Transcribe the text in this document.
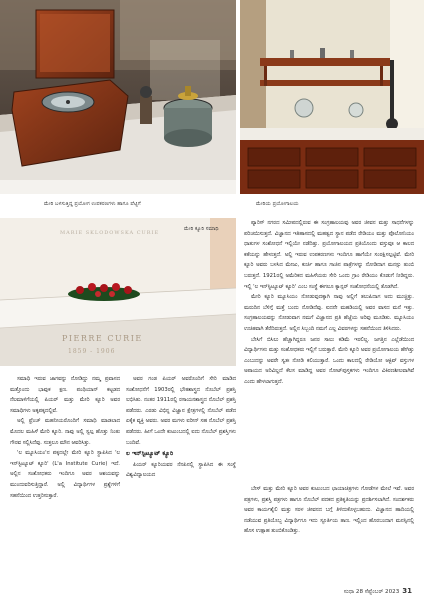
ಮೇರಿ ಬಳಸುತ್ತಿದ್ದ ಪ್ರಯೋಗ ಉಪಕರಣಗಳು ಹಾಗೂ ಪೆಟ್ಟಿಗೆ	ಮೇರಿಯ ಪ್ರಯೋಗಾಲಯ
MARIE SKLODOWSKA CURIE
PIERRE CURIE
1859 - 1906
ಮೇರಿ ಕ್ಯೂರಿ ಸಮಾಧಿ

ಪ್ಯಾರಿಸ್ ನಗರದ ಸಮೀಪದಲ್ಲಿರುವ ಈ ಸಂಗ್ರಹಾಲಯವು ಅವರ ಜೀವನ ಮತ್ತು ಸಾಧನೆಗಳನ್ನು ಪರಿಚಯಿಸುತ್ತದೆ. ವಿಜ್ಞಾನದ ಇತಿಹಾಸದಲ್ಲಿ ಮಹತ್ವದ ಸ್ಥಾನ ಪಡೆದ ರೇಡಿಯಂ ಮತ್ತು ಪೊಲೋನಿಯಂ ಧಾತುಗಳ ಸಂಶೋಧನೆ ಇಲ್ಲಿಯೇ ನಡೆದಿತ್ತು. ಪ್ರಯೋಗಾಲಯದ ಪ್ರತಿಯೊಂದು ವಸ್ತುವೂ ಆ ಕಾಲದ ಕತೆಯನ್ನು ಹೇಳುತ್ತದೆ. ಅಲ್ಲಿ ಇರುವ ಉಪಕರಣಗಳು ಇಂದಿಗೂ ಹಾಗೆಯೇ ಸಂರಕ್ಷಿಸಲ್ಪಟ್ಟಿವೆ. ಮೇರಿ ಕ್ಯೂರಿ ಅವರು ಬಳಸಿದ ಮೇಜು, ಕುರ್ಚಿ ಹಾಗೂ ಗಾಜಿನ ಪಾತ್ರೆಗಳನ್ನು ನೋಡಿದಾಗ ಮನಸ್ಸು ತುಂಬಿ ಬರುತ್ತದೆ. 1921ರಲ್ಲಿ ಅಮೆರಿಕದ ಮಹಿಳೆಯರು ಸೇರಿ ಒಂದು ಗ್ರಾಂ ರೇಡಿಯಂ ಕೊಡುಗೆ ನೀಡಿದ್ದರು. ಇಲ್ಲಿ 'ಲ ಇನ್‌ಸ್ಟಿಟ್ಯೂಟ್ ಕ್ಯೂರಿ' ಎಂಬ ಸಂಸ್ಥೆ ಈಗಲೂ ಕ್ಯಾನ್ಸರ್ ಸಂಶೋಧನೆಯಲ್ಲಿ ತೊಡಗಿದೆ.

ಮೇರಿ ಕ್ಯೂರಿ ಮ್ಯೂಸಿಯಂ ನೋಡುವುದಕ್ಕಾಗಿ ನಾವು ಅಲ್ಲಿಗೆ ತಲುಪಿದಾಗ ಅದು ಮುಚ್ಚಿತ್ತು. ಮರುದಿನ ಬೆಳಿಗ್ಗೆ ಮತ್ತೆ ಬಂದು ನೋಡಿದೆವು. ಐದನೇ ಮಹಡಿಯಲ್ಲಿ ಅವರ ವಾಸದ ಮನೆ ಇತ್ತು. ಸಂಗ್ರಹಾಲಯವನ್ನು ನೋಡುವಾಗ ನಮಗೆ ವಿಜ್ಞಾನದ ಪ್ರತಿ ಹೆಜ್ಜೆಯ ಅರಿವು ಮೂಡಿತು. ಮ್ಯೂಸಿಯಂ ಉಚಿತವಾಗಿ ತೆರೆದಿರುತ್ತದೆ. ಅಲ್ಲಿನ ಸಿಬ್ಬಂದಿ ನಮಗೆ ಎಲ್ಲ ವಿವರಗಳನ್ನು ಸಹನೆಯಿಂದ ತಿಳಿಸಿದರು.

ಬೇಸಿಗೆ ಬಿಸಿಲು ಹೆಚ್ಚಾಗಿದ್ದರೂ ಜನರ ಸಾಲು ಕಡಿಮೆ ಇರಲಿಲ್ಲ. ಜಗತ್ತಿನ ಎಲ್ಲೆಡೆಯಿಂದ ವಿದ್ಯಾರ್ಥಿಗಳು ಮತ್ತು ಸಂಶೋಧಕರು ಇಲ್ಲಿಗೆ ಬರುತ್ತಾರೆ. ಮೇರಿ ಕ್ಯೂರಿ ಅವರ ಪ್ರಯೋಗಾಲಯ ಹೇಗಿತ್ತು ಎಂಬುದನ್ನು ಅವರೇ ಸ್ವತಃ ನೋಡಿ ಕಲಿಯುತ್ತಾರೆ. ಒಂದು ಕಾಲದಲ್ಲಿ ರೇಡಿಯೋ ಆಕ್ಟಿವ್ ವಸ್ತುಗಳ ಅಪಾಯದ ಅರಿವಿಲ್ಲದೆ ಕೆಲಸ ಮಾಡಿದ್ದ ಅವರ ನೋಟ್‌ಪುಸ್ತಕಗಳು ಇಂದಿಗೂ ವಿಕಿರಣಶೀಲವಾಗಿವೆ ಎಂದು ಹೇಳಲಾಗುತ್ತದೆ.

ಸಮಾಧಿ ಇರುವ ಜಾಗವನ್ನು ನೋಡಿದ್ದು ನಮ್ಮ ಪ್ರವಾಸದ ಮತ್ತೊಂದು ಭಾವುಕ ಕ್ಷಣ. ಪಂಥಿಯಾನ್ ಕಟ್ಟಡದ ನೆಲಮಾಳಿಗೆಯಲ್ಲಿ ಪಿಯರ್ ಮತ್ತು ಮೇರಿ ಕ್ಯೂರಿ ಅವರ ಸಮಾಧಿಗಳು ಅಕ್ಕಪಕ್ಕದಲ್ಲಿವೆ.

ಅಲ್ಲಿ ಫ್ರೆಂಚ್ ಮಹನೀಯರೊಂದಿಗೆ ಸಮಾಧಿ ಮಾಡಲಾದ ಮೊದಲ ಮಹಿಳೆ ಮೇರಿ ಕ್ಯೂರಿ. ನಾವು ಅಲ್ಲಿ ಸ್ವಲ್ಪ ಹೊತ್ತು ನಿಂತು ಗೌರವ ಸಲ್ಲಿಸಿದೆವು. ಸುತ್ತಲೂ ಮೌನ ಆವರಿಸಿತ್ತು.

'ಲ ಮ್ಯೂಸಿಯಂ'ನ ಪಕ್ಕದಲ್ಲೇ ಮೇರಿ ಕ್ಯೂರಿ ಸ್ಥಾಪಿಸಿದ 'ಲ ಇನ್‌ಸ್ಟಿಟ್ಯೂಟ್ ಕ್ಯೂರಿ' (L'a Institute Curie) ಇದೆ. ಅಲ್ಲಿನ ಸಂಶೋಧಕರು ಇಂದಿಗೂ ಅವರ ಆಶಯವನ್ನು ಮುಂದುವರಿಸುತ್ತಿದ್ದಾರೆ. ಅಲ್ಲಿ ವಿದ್ಯಾರ್ಥಿಗಳ ಪ್ರಶ್ನೆಗಳಿಗೆ ಸಹನೆಯಿಂದ ಉತ್ತರಿಸುತ್ತಾರೆ.

ಅವರ ಗಂಡ ಪಿಯರ್ ಅವರೊಂದಿಗೆ ಸೇರಿ ಮಾಡಿದ ಸಂಶೋಧನೆಗೆ 1903ರಲ್ಲಿ ಭೌತಶಾಸ್ತ್ರದ ನೊಬೆಲ್ ಪ್ರಶಸ್ತಿ ಲಭಿಸಿತು. ನಂತರ 1911ರಲ್ಲಿ ರಸಾಯನಶಾಸ್ತ್ರದ ನೊಬೆಲ್ ಪ್ರಶಸ್ತಿ ಪಡೆದರು. ಎರಡು ವಿಭಿನ್ನ ವಿಜ್ಞಾನ ಕ್ಷೇತ್ರಗಳಲ್ಲಿ ನೊಬೆಲ್ ಪಡೆದ ಏಕೈಕ ವ್ಯಕ್ತಿ ಅವರು. ಅವರ ಮಗಳು ಐರೀನ್ ಸಹ ನೊಬೆಲ್ ಪ್ರಶಸ್ತಿ ಪಡೆದರು. ಹೀಗೆ ಒಂದೇ ಕುಟುಂಬದಲ್ಲಿ ಐದು ನೊಬೆಲ್ ಪ್ರಶಸ್ತಿಗಳು ಬಂದಿವೆ.

ಲ ಇನ್‌ಸ್ಟಿಟ್ಯೂಟ್ ಕ್ಯೂರಿ

ಪಿಯರ್ ಕ್ಯೂರಿಯವರ ನೆನಪಿನಲ್ಲಿ ಸ್ಥಾಪಿಸಿದ ಈ ಸಂಸ್ಥೆ ವಿಶ್ವವಿದ್ಯಾಲಯದ

ಬೇಸ್ ಮತ್ತು ಮೇರಿ ಕ್ಯೂರಿ ಅವರ ಕುಟುಂಬದ ಛಾಯಾಚಿತ್ರಗಳು ಗೋಡೆಗಳ ಮೇಲೆ ಇವೆ. ಅವರ ಪತ್ರಗಳು, ಪ್ರಶಸ್ತಿ ಪತ್ರಗಳು ಹಾಗೂ ನೊಬೆಲ್ ಪದಕದ ಪ್ರತಿಕೃತಿಯನ್ನು ಪ್ರದರ್ಶಿಸಲಾಗಿದೆ. ಸಂದರ್ಶಕರು ಅವರ ಕಾರ್ಯಶೈಲಿ ಮತ್ತು ಸರಳ ಜೀವನದ ಬಗ್ಗೆ ತಿಳಿದುಕೊಳ್ಳಬಹುದು. ವಿಜ್ಞಾನದ ಹಾದಿಯಲ್ಲಿ ನಡೆಯುವ ಪ್ರತಿಯೊಬ್ಬ ವಿದ್ಯಾರ್ಥಿಗೂ ಇದು ಸ್ಫೂರ್ತಿಯ ತಾಣ. ಇಲ್ಲಿಂದ ಹೊರಬಂದಾಗ ಮನಸ್ಸಿನಲ್ಲಿ ಹೊಸ ಉತ್ಸಾಹ ತುಂಬಿಕೊಂಡಿತ್ತು.

ಸುಧಾ 28 ಸೆಪ್ಟೆಂಬರ್ 2023 31
